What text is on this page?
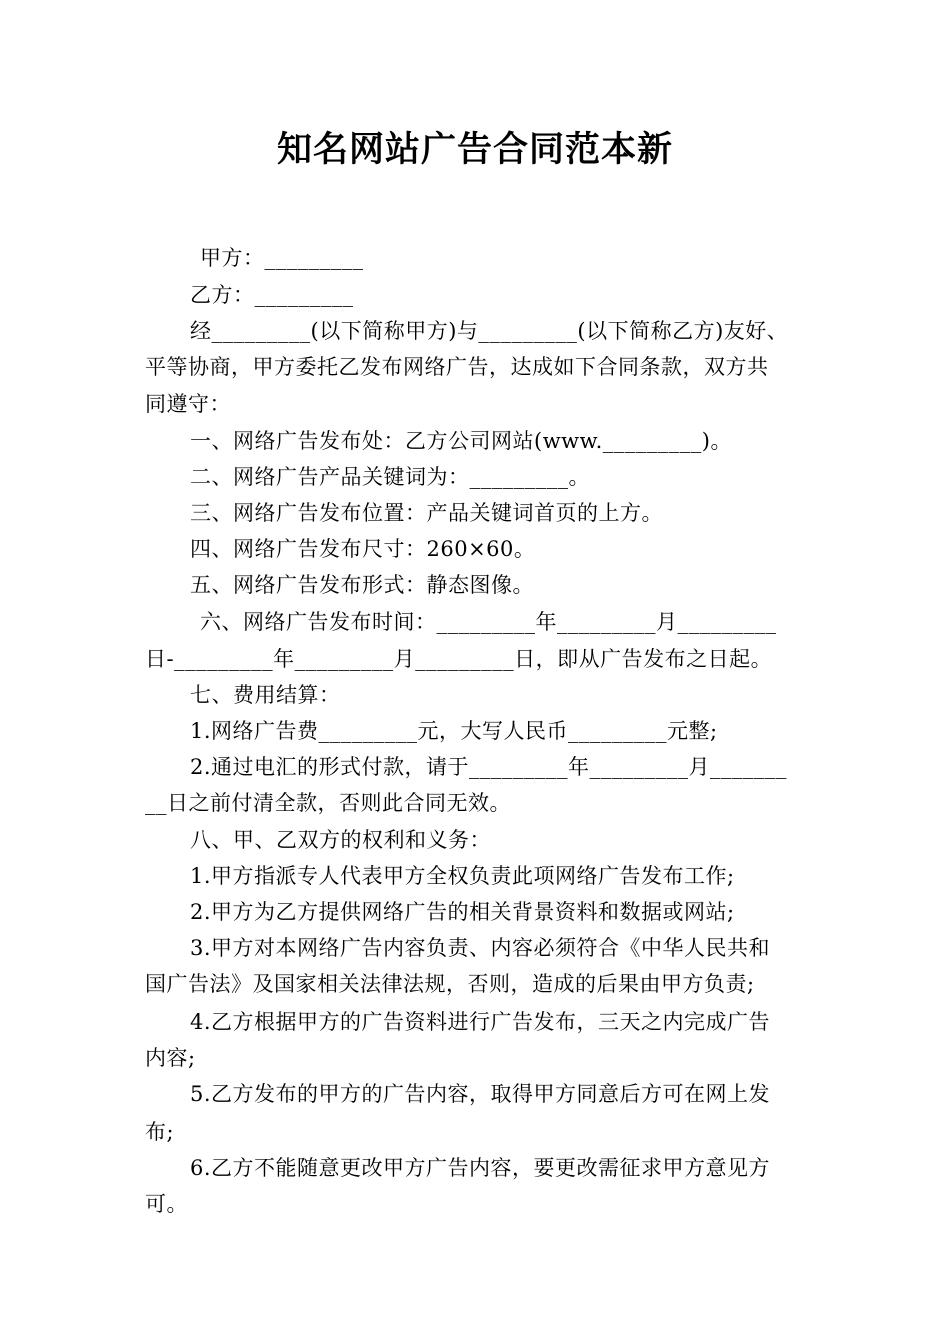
知名网站广告合同范本新
甲方：_________
乙方：_________
经_________(以下简称甲方)与_________(以下简称乙方)友好、
平等协商，甲方委托乙发布网络广告，达成如下合同条款，双方共
同遵守：
一、网络广告发布处：乙方公司网站(www._________)。
二、网络广告产品关键词为：_________。
三、网络广告发布位置：产品关键词首页的上方。
四、网络广告发布尺寸：260×60。
五、网络广告发布形式：静态图像。
六、网络广告发布时间：_________年_________月_________
日-_________年_________月_________日，即从广告发布之日起。
七、费用结算：
1.网络广告费_________元，大写人民币_________元整;
2.通过电汇的形式付款，请于_________年_________月_______
__日之前付清全款，否则此合同无效。
八、甲、乙双方的权利和义务：
1.甲方指派专人代表甲方全权负责此项网络广告发布工作;
2.甲方为乙方提供网络广告的相关背景资料和数据或网站;
3.甲方对本网络广告内容负责、内容必须符合《中华人民共和
国广告法》及国家相关法律法规，否则，造成的后果由甲方负责;
4.乙方根据甲方的广告资料进行广告发布，三天之内完成广告
内容;
5.乙方发布的甲方的广告内容，取得甲方同意后方可在网上发
布;
6.乙方不能随意更改甲方广告内容，要更改需征求甲方意见方
可。
